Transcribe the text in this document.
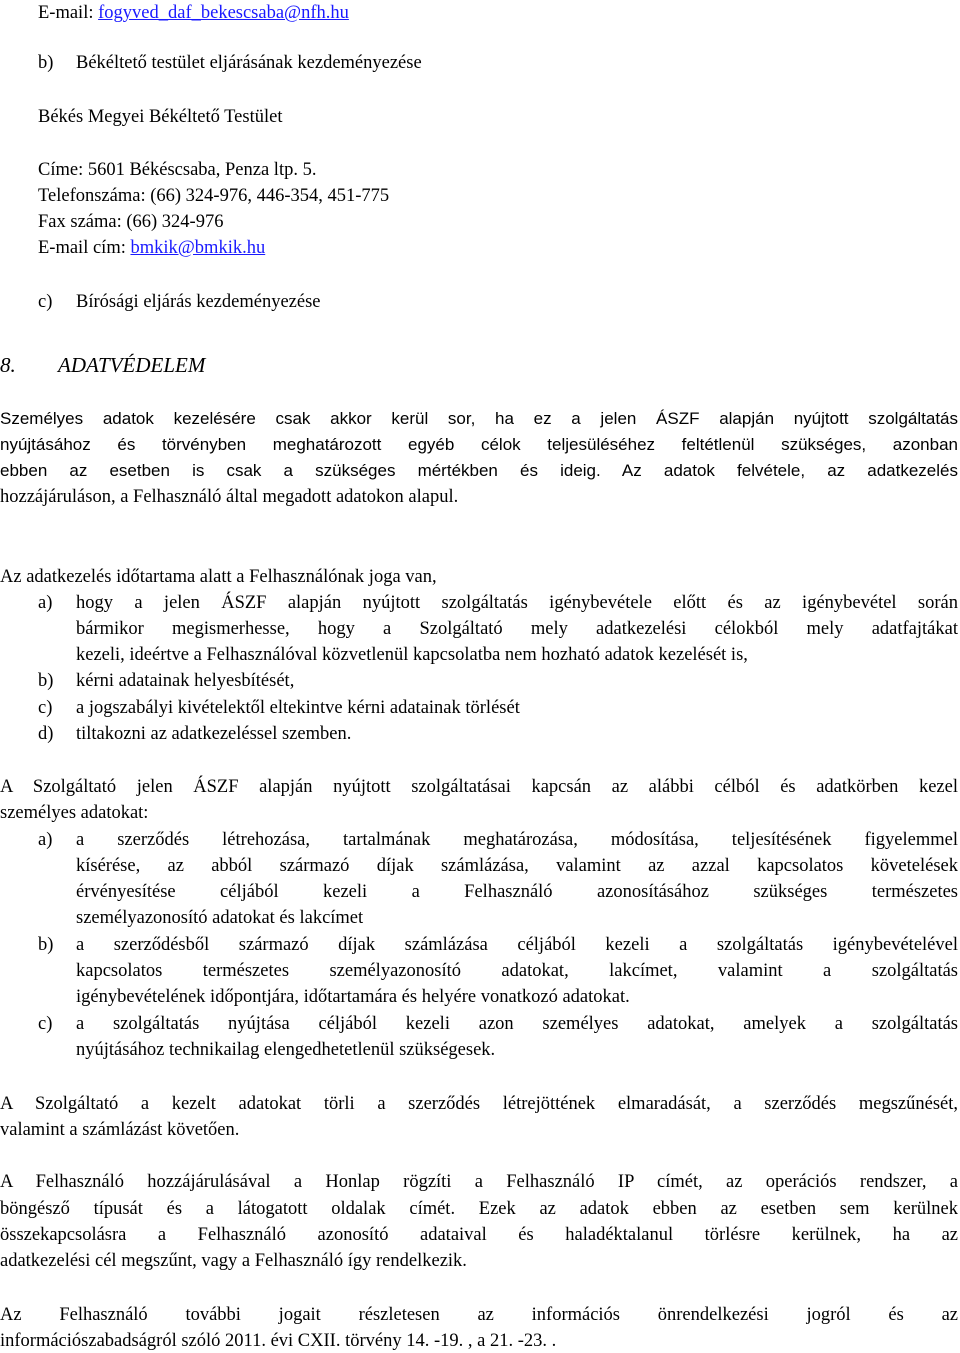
E-mail: fogyved_daf_bekescsaba@nfh.hu
b) Békéltető testület eljárásának kezdeményezése
Békés Megyei Békéltető Testület
Címe: 5601 Békéscsaba, Penza ltp. 5.
Telefonszáma: (66) 324-976, 446-354, 451-775
Fax száma: (66) 324-976
E-mail cím: bmkik@bmkik.hu
c) Bírósági eljárás kezdeményezése
8. ADATVÉDELEM
Személyes adatok kezelésére csak akkor kerül sor, ha ez a jelen ÁSZF alapján nyújtott szolgáltatás
nyújtásához és törvényben meghatározott egyéb célok teljesüléséhez feltétlenül szükséges, azonban
ebben az esetben is csak a szükséges mértékben és ideig. Az adatok felvétele, az adatkezelés
hozzájáruláson, a Felhasználó által megadott adatokon alapul.
Az adatkezelés időtartama alatt a Felhasználónak joga van,
a) hogy a jelen ÁSZF alapján nyújtott szolgáltatás igénybevétele előtt és az igénybevétel során
bármikor megismerhesse, hogy a Szolgáltató mely adatkezelési célokból mely adatfajtákat
kezeli, ideértve a Felhasználóval közvetlenül kapcsolatba nem hozható adatok kezelését is,
b) kérni adatainak helyesbítését,
c) a jogszabályi kivételektől eltekintve kérni adatainak törlését
d) tiltakozni az adatkezeléssel szemben.
A Szolgáltató jelen ÁSZF alapján nyújtott szolgáltatásai kapcsán az alábbi célból és adatkörben kezel
személyes adatokat:
a) a szerződés létrehozása, tartalmának meghatározása, módosítása, teljesítésének figyelemmel
kísérése, az abból származó díjak számlázása, valamint az azzal kapcsolatos követelések
érvényesítése céljából kezeli a Felhasználó azonosításához szükséges természetes
személyazonosító adatokat és lakcímet
b) a szerződésből származó díjak számlázása céljából kezeli a szolgáltatás igénybevételével
kapcsolatos természetes személyazonosító adatokat, lakcímet, valamint a szolgáltatás
igénybevételének időpontjára, időtartamára és helyére vonatkozó adatokat.
c) a szolgáltatás nyújtása céljából kezeli azon személyes adatokat, amelyek a szolgáltatás
nyújtásához technikailag elengedhetetlenül szükségesek.
A Szolgáltató a kezelt adatokat törli a szerződés létrejöttének elmaradását, a szerződés megszűnését,
valamint a számlázást követően.
A Felhasználó hozzájárulásával a Honlap rögzíti a Felhasználó IP címét, az operációs rendszer, a
böngésző típusát és a látogatott oldalak címét. Ezek az adatok ebben az esetben sem kerülnek
összekapcsolásra a Felhasználó azonosító adataival és haladéktalanul törlésre kerülnek, ha az
adatkezelési cél megszűnt, vagy a Felhasználó így rendelkezik.
Az Felhasználó további jogait részletesen az információs önrendelkezési jogról és az
információszabadságról szóló 2011. évi CXII. törvény 14. -19. , a 21. -23. .
